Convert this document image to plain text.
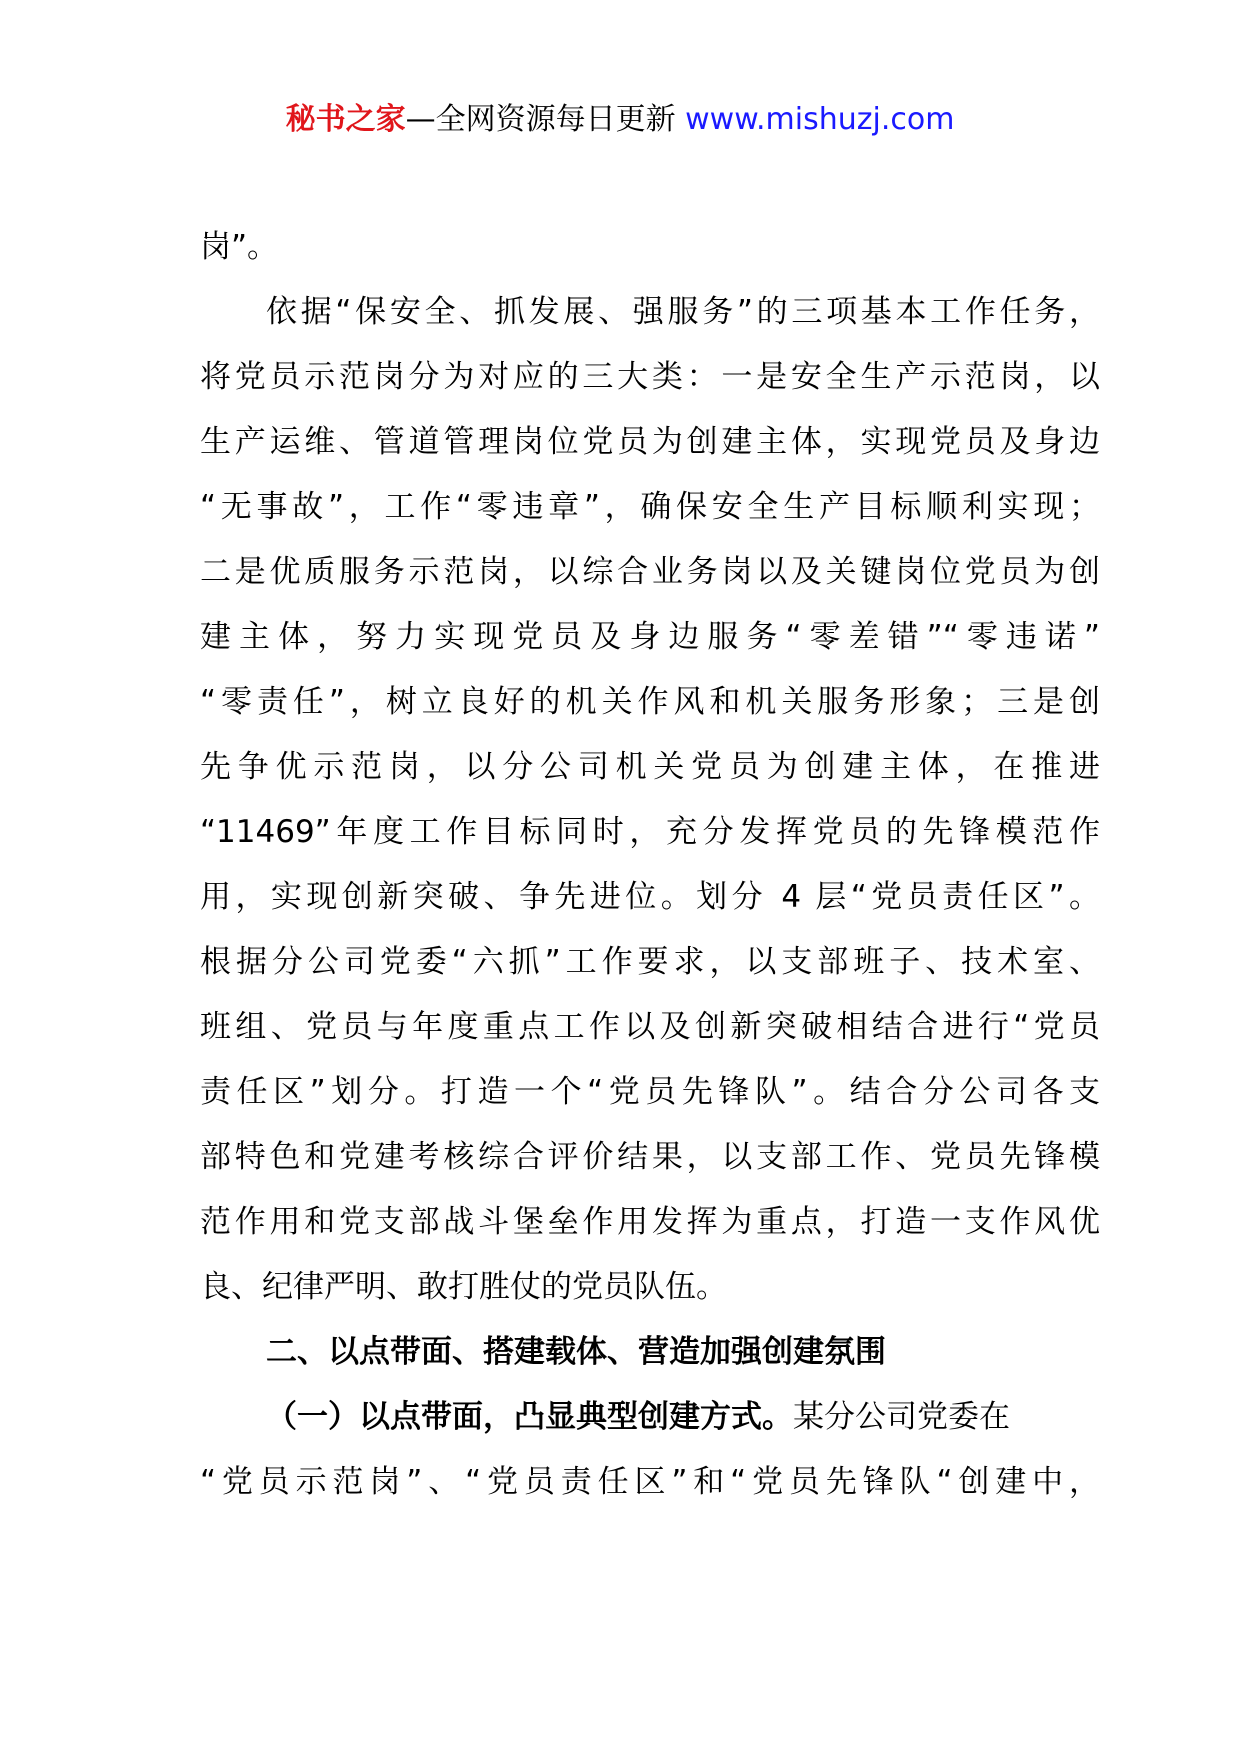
秘书之家—全网资源每日更新 www.mishuzj.com
岗”。
依据“保安全、抓发展、强服务”的三项基本工作任务，
将党员示范岗分为对应的三大类：一是安全生产示范岗，以
生产运维、管道管理岗位党员为创建主体，实现党员及身边
“无事故”，工作“零违章”，确保安全生产目标顺利实现；
二是优质服务示范岗，以综合业务岗以及关键岗位党员为创
建主体，努力实现党员及身边服务“零差错”“零违诺”
“零责任”，树立良好的机关作风和机关服务形象；三是创
先争优示范岗，以分公司机关党员为创建主体，在推进
“11469”年度工作目标同时，充分发挥党员的先锋模范作
用，实现创新突破、争先进位。划分 4 层“党员责任区”。
根据分公司党委“六抓”工作要求，以支部班子、技术室、
班组、党员与年度重点工作以及创新突破相结合进行“党员
责任区”划分。打造一个“党员先锋队”。结合分公司各支
部特色和党建考核综合评价结果，以支部工作、党员先锋模
范作用和党支部战斗堡垒作用发挥为重点，打造一支作风优
良、纪律严明、敢打胜仗的党员队伍。
二、以点带面、搭建载体、营造加强创建氛围
（一）以点带面，凸显典型创建方式。某分公司党委在
“党员示范岗”、“党员责任区”和“党员先锋队“创建中，
